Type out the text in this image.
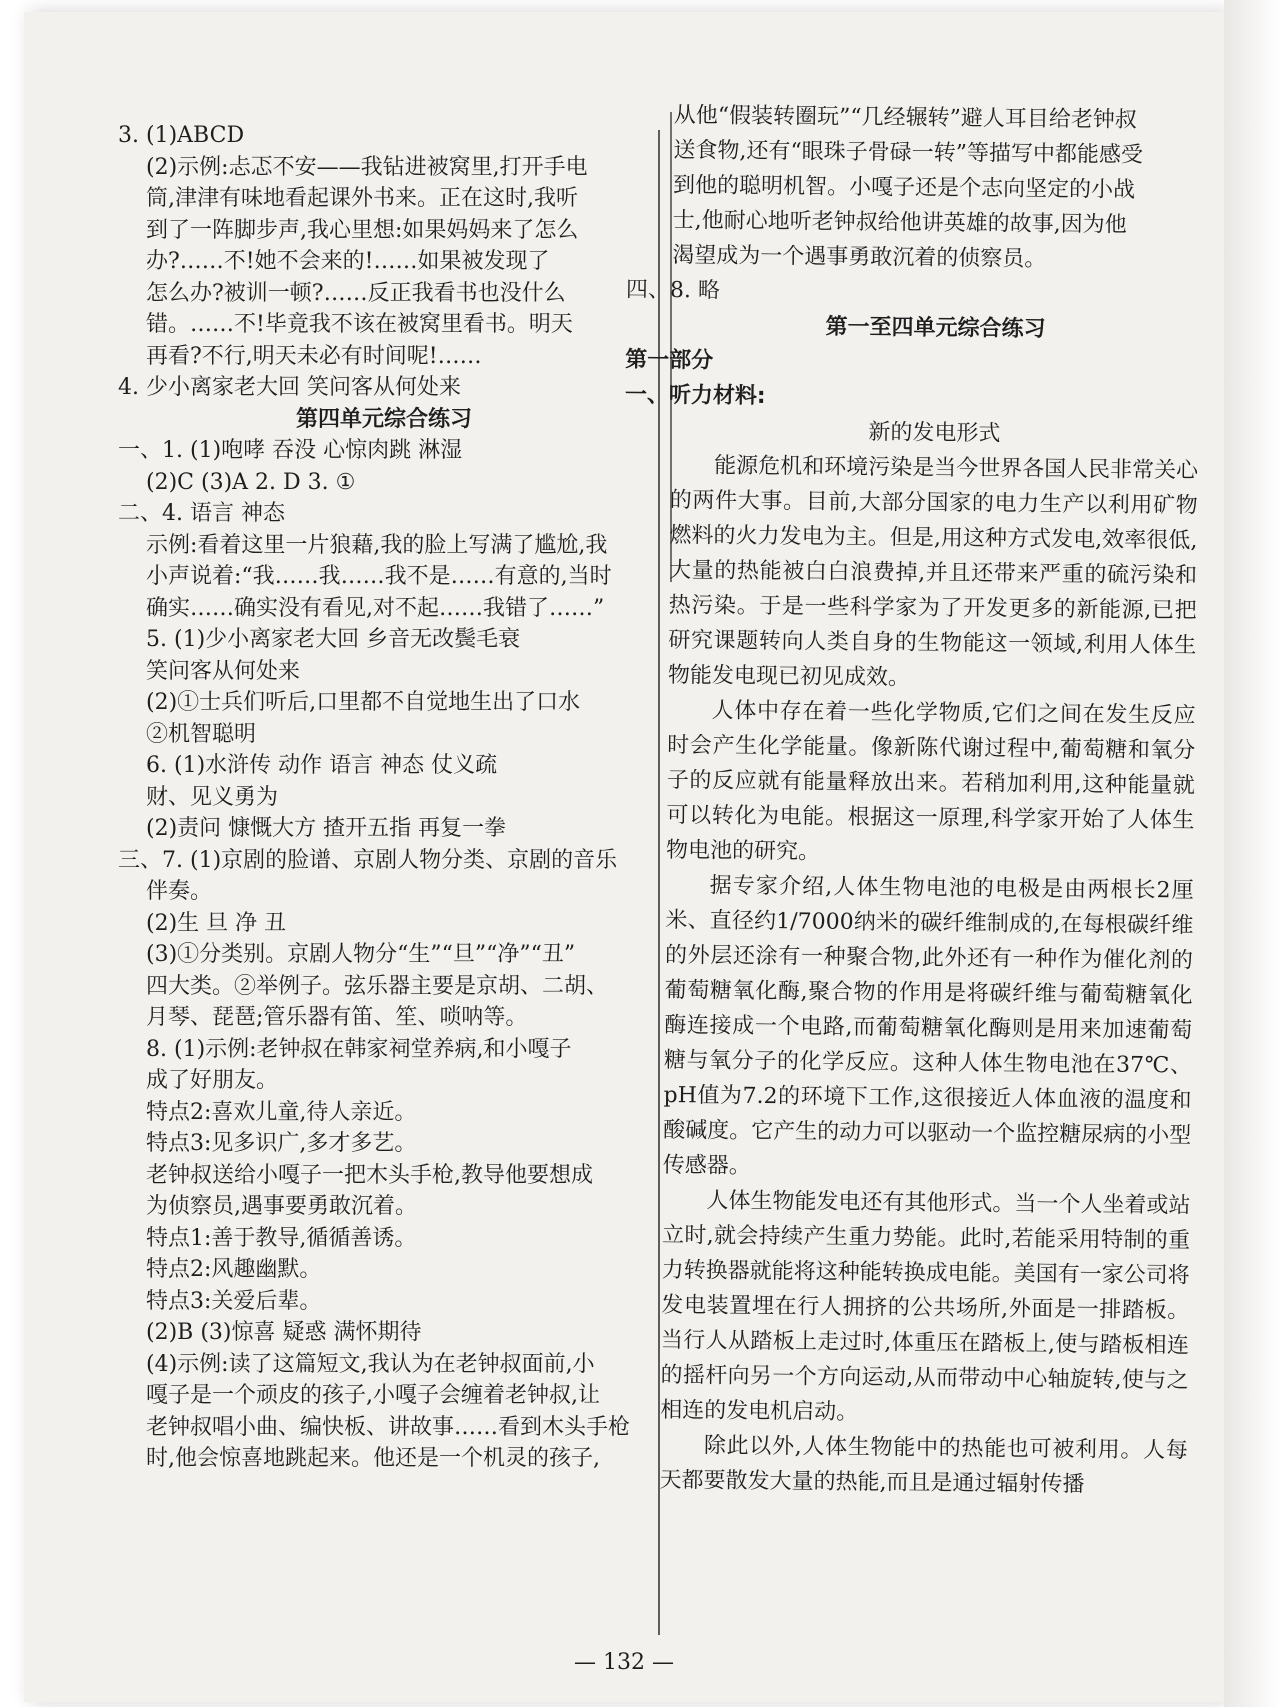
3. (1)ABCD

(2)示例:忐忑不安——我钻进被窝里,打开手电

筒,津津有味地看起课外书来。正在这时,我听

到了一阵脚步声,我心里想:如果妈妈来了怎么

办?……不!她不会来的!……如果被发现了

怎么办?被训一顿?……反正我看书也没什么

错。……不!毕竟我不该在被窝里看书。明天

再看?不行,明天未必有时间呢!……

4. 少小离家老大回 笑问客从何处来

第四单元综合练习

一、1. (1)咆哮 吞没 心惊肉跳 淋湿

(2)C (3)A 2. D 3. ①

二、4. 语言 神态

示例:看着这里一片狼藉,我的脸上写满了尴尬,我

小声说着:“我……我……我不是……有意的,当时

确实……确实没有看见,对不起……我错了……”

5. (1)少小离家老大回 乡音无改鬓毛衰

笑问客从何处来

(2)①士兵们听后,口里都不自觉地生出了口水

②机智聪明

6. (1)水浒传 动作 语言 神态 仗义疏

财、见义勇为

(2)责问 慷慨大方 揸开五指 再复一拳

三、7. (1)京剧的脸谱、京剧人物分类、京剧的音乐

伴奏。

(2)生 旦 净 丑

(3)①分类别。京剧人物分“生”“旦”“净”“丑”

四大类。②举例子。弦乐器主要是京胡、二胡、

月琴、琵琶;管乐器有笛、笙、唢呐等。

8. (1)示例:老钟叔在韩家祠堂养病,和小嘎子

成了好朋友。

特点2:喜欢儿童,待人亲近。

特点3:见多识广,多才多艺。

老钟叔送给小嘎子一把木头手枪,教导他要想成

为侦察员,遇事要勇敢沉着。

特点1:善于教导,循循善诱。

特点2:风趣幽默。

特点3:关爱后辈。

(2)B (3)惊喜 疑惑 满怀期待

(4)示例:读了这篇短文,我认为在老钟叔面前,小

嘎子是一个顽皮的孩子,小嘎子会缠着老钟叔,让

老钟叔唱小曲、编快板、讲故事……看到木头手枪

时,他会惊喜地跳起来。他还是一个机灵的孩子,

从他“假装转圈玩”“几经辗转”避人耳目给老钟叔

送食物,还有“眼珠子骨碌一转”等描写中都能感受

到他的聪明机智。小嘎子还是个志向坚定的小战

士,他耐心地听老钟叔给他讲英雄的故事,因为他

渴望成为一个遇事勇敢沉着的侦察员。

四、8. 略

第一至四单元综合练习

第一部分

一、听力材料:

新的发电形式

能源危机和环境污染是当今世界各国人民非常关心的两件大事。目前,大部分国家的电力生产以利用矿物燃料的火力发电为主。但是,用这种方式发电,效率很低,大量的热能被白白浪费掉,并且还带来严重的硫污染和热污染。于是一些科学家为了开发更多的新能源,已把研究课题转向人类自身的生物能这一领域,利用人体生物能发电现已初见成效。

人体中存在着一些化学物质,它们之间在发生反应时会产生化学能量。像新陈代谢过程中,葡萄糖和氧分子的反应就有能量释放出来。若稍加利用,这种能量就可以转化为电能。根据这一原理,科学家开始了人体生物电池的研究。

据专家介绍,人体生物电池的电极是由两根长2厘米、直径约1/7000纳米的碳纤维制成的,在每根碳纤维的外层还涂有一种聚合物,此外还有一种作为催化剂的葡萄糖氧化酶,聚合物的作用是将碳纤维与葡萄糖氧化酶连接成一个电路,而葡萄糖氧化酶则是用来加速葡萄糖与氧分子的化学反应。这种人体生物电池在37℃、pH值为7.2的环境下工作,这很接近人体血液的温度和酸碱度。它产生的动力可以驱动一个监控糖尿病的小型传感器。

人体生物能发电还有其他形式。当一个人坐着或站立时,就会持续产生重力势能。此时,若能采用特制的重力转换器就能将这种能转换成电能。美国有一家公司将发电装置埋在行人拥挤的公共场所,外面是一排踏板。当行人从踏板上走过时,体重压在踏板上,使与踏板相连的摇杆向另一个方向运动,从而带动中心轴旋转,使与之相连的发电机启动。

除此以外,人体生物能中的热能也可被利用。人每天都要散发大量的热能,而且是通过辐射传播

— 132 —
